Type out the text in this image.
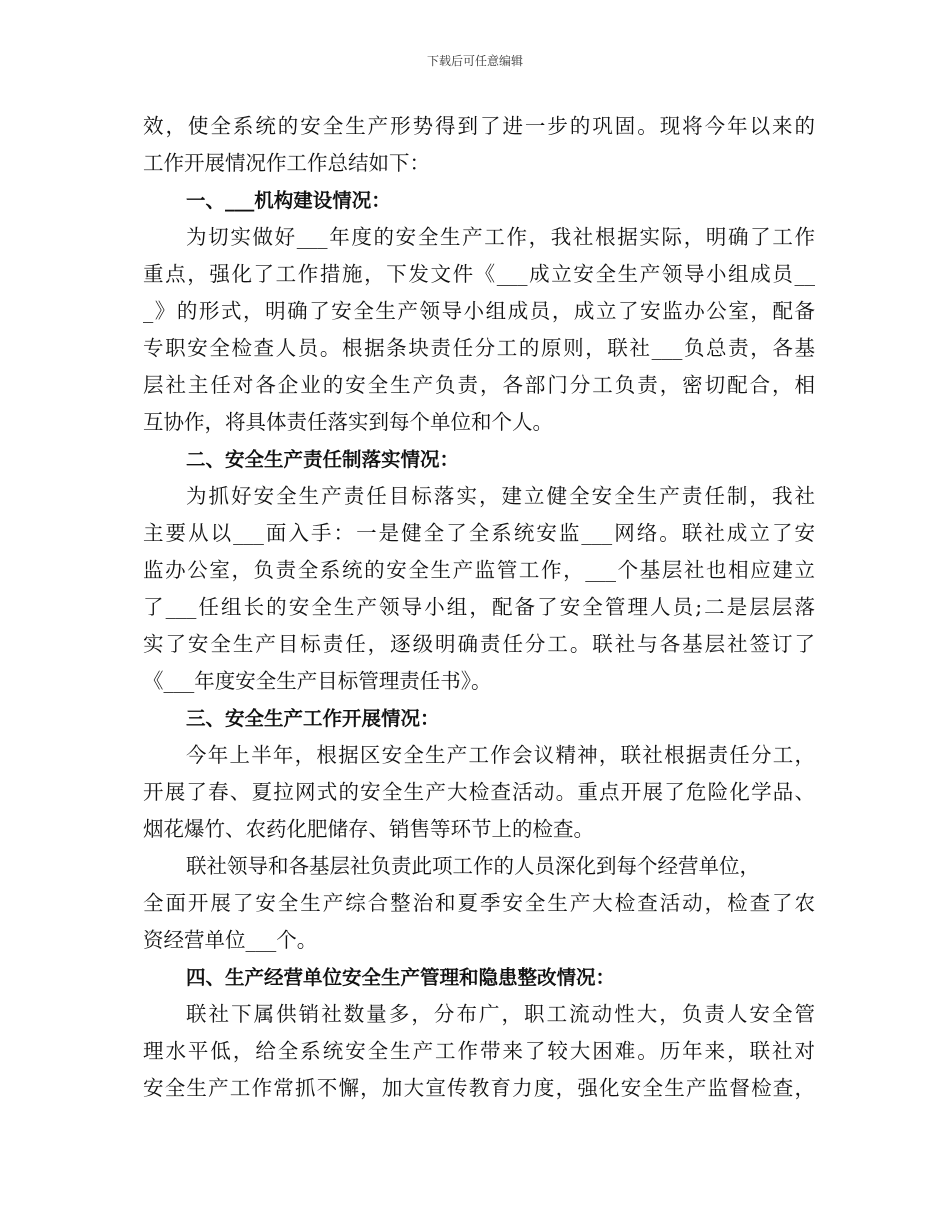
下载后可任意编辑
效，使全系统的安全生产形势得到了进一步的巩固。现将今年以来的
工作开展情况作工作总结如下：
一、___机构建设情况：
为切实做好___年度的安全生产工作，我社根据实际，明确了工作
重点，强化了工作措施，下发文件《___成立安全生产领导小组成员__
_》的形式，明确了安全生产领导小组成员，成立了安监办公室，配备
专职安全检查人员。根据条块责任分工的原则，联社___负总责，各基
层社主任对各企业的安全生产负责，各部门分工负责，密切配合，相
互协作，将具体责任落实到每个单位和个人。
二、安全生产责任制落实情况：
为抓好安全生产责任目标落实，建立健全安全生产责任制，我社
主要从以___面入手：一是健全了全系统安监___网络。联社成立了安
监办公室，负责全系统的安全生产监管工作，___个基层社也相应建立
了___任组长的安全生产领导小组，配备了安全管理人员;二是层层落
实了安全生产目标责任，逐级明确责任分工。联社与各基层社签订了
《___年度安全生产目标管理责任书》。
三、安全生产工作开展情况：
今年上半年，根据区安全生产工作会议精神，联社根据责任分工，
开展了春、夏拉网式的安全生产大检查活动。重点开展了危险化学品、
烟花爆竹、农药化肥储存、销售等环节上的检查。
联社领导和各基层社负责此项工作的人员深化到每个经营单位，
全面开展了安全生产综合整治和夏季安全生产大检查活动，检查了农
资经营单位___个。
四、生产经营单位安全生产管理和隐患整改情况：
联社下属供销社数量多，分布广，职工流动性大，负责人安全管
理水平低，给全系统安全生产工作带来了较大困难。历年来，联社对
安全生产工作常抓不懈，加大宣传教育力度，强化安全生产监督检查，
